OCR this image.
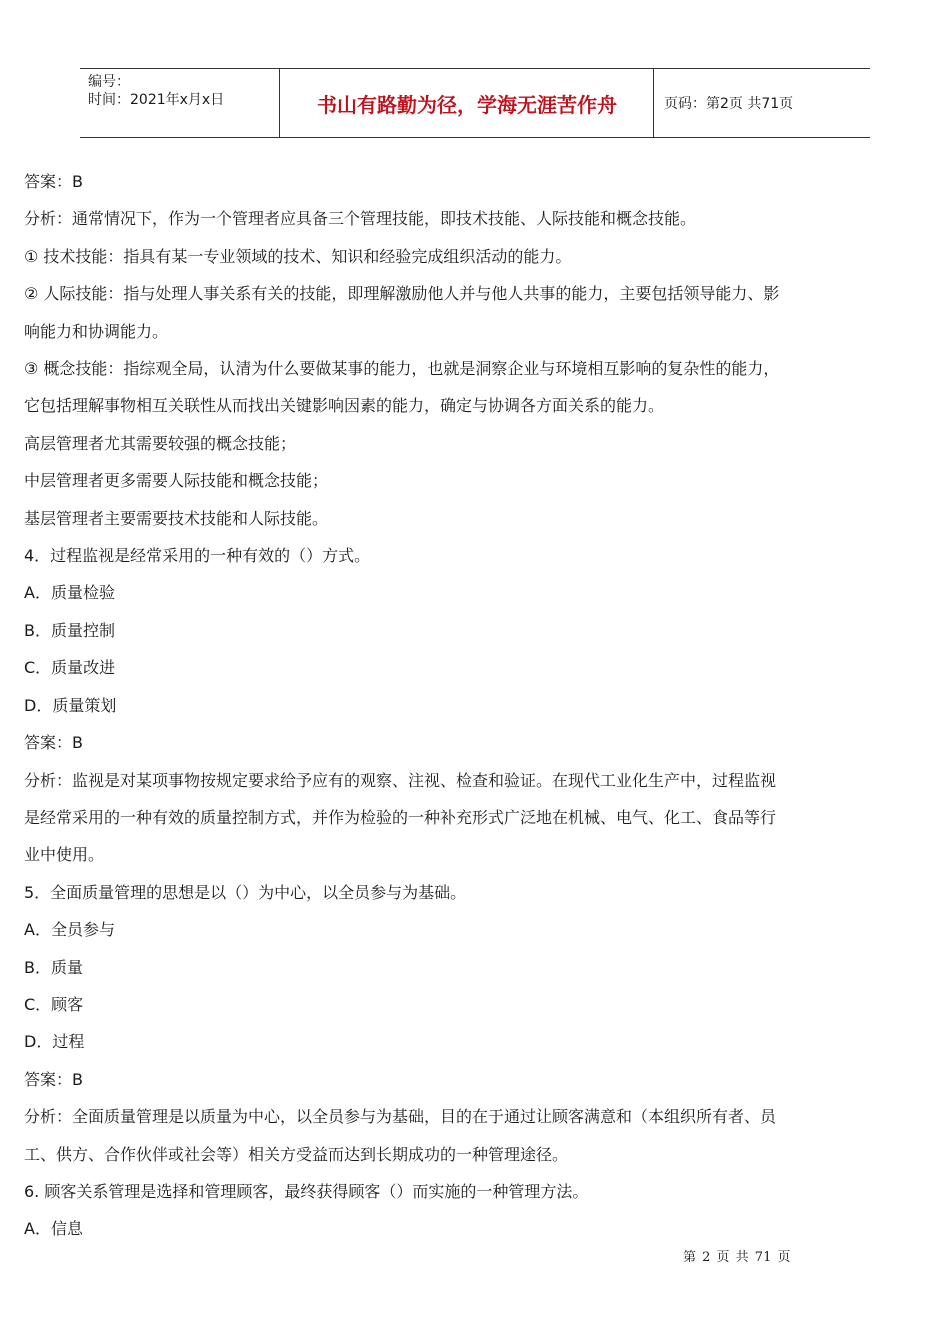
编号：
时间：2021年x月x日	书山有路勤为径，学海无涯苦作舟	页码：第2页 共71页

答案：B

分析：通常情况下，作为一个管理者应具备三个管理技能，即技术技能、人际技能和概念技能。

① 技术技能：指具有某一专业领域的技术、知识和经验完成组织活动的能力。

② 人际技能：指与处理人事关系有关的技能，即理解激励他人并与他人共事的能力，主要包括领导能力、影

响能力和协调能力。

③ 概念技能：指综观全局，认清为什么要做某事的能力，也就是洞察企业与环境相互影响的复杂性的能力，

它包括理解事物相互关联性从而找出关键影响因素的能力，确定与协调各方面关系的能力。

高层管理者尤其需要较强的概念技能；

中层管理者更多需要人际技能和概念技能；

基层管理者主要需要技术技能和人际技能。

4．过程监视是经常采用的一种有效的（）方式。

A．质量检验

B．质量控制

C．质量改进

D．质量策划

答案：B

分析：监视是对某项事物按规定要求给予应有的观察、注视、检查和验证。在现代工业化生产中，过程监视

是经常采用的一种有效的质量控制方式，并作为检验的一种补充形式广泛地在机械、电气、化工、食品等行

业中使用。

5．全面质量管理的思想是以（）为中心，以全员参与为基础。

A．全员参与

B．质量

C．顾客

D．过程

答案：B

分析：全面质量管理是以质量为中心，以全员参与为基础，目的在于通过让顾客满意和（本组织所有者、员

工、供方、合作伙伴或社会等）相关方受益而达到长期成功的一种管理途径。

6. 顾客关系管理是选择和管理顾客，最终获得顾客（）而实施的一种管理方法。

A．信息

第 2 页 共 71 页
